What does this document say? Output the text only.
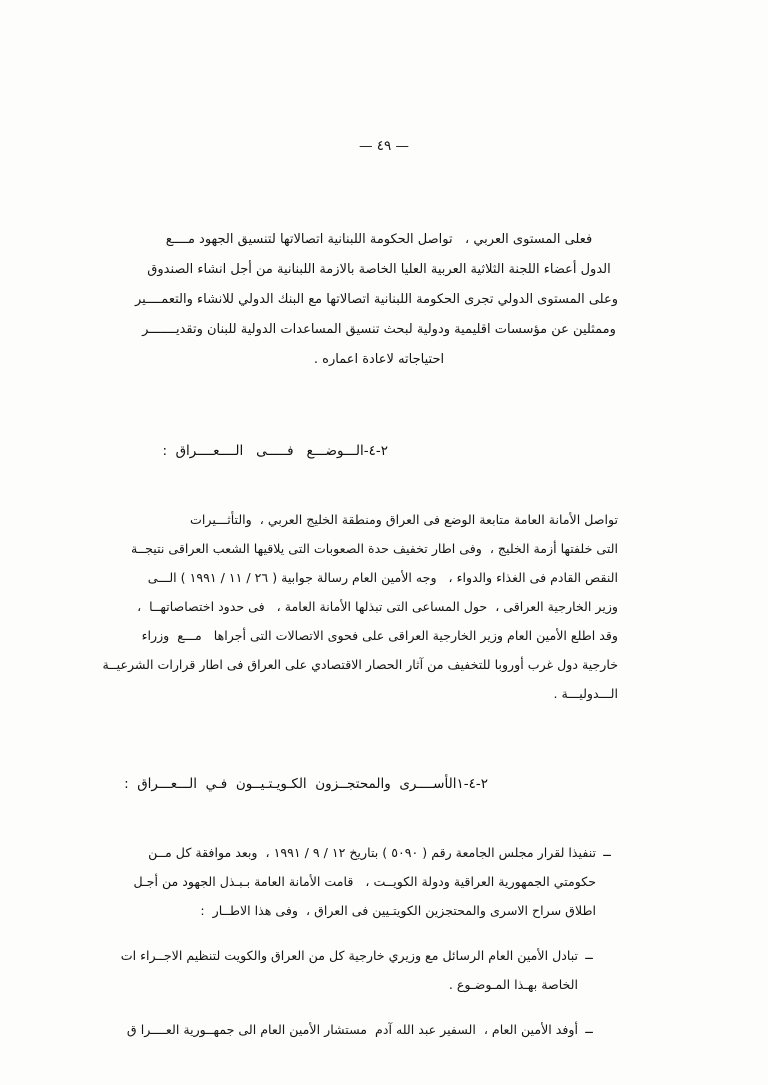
— ٤٩ —
فعلى المستوى العربي ،   تواصل الحكومة اللبنانية اتصالاتها لتنسيق الجهود مــــع
الدول أعضاء اللجنة الثلاثية العربية العليا الخاصة بالازمة اللبنانية من أجل انشاء الصندوق
وعلى المستوى الدولي تجرى الحكومة اللبنانية اتصالاتها مع البنك الدولي للانشاء والتعمــــير
وممثلين عن مؤسسات اقليمية ودولية لبحث تنسيق المساعدات الدولية للبنان وتقديـــــــر
احتياجاته لاعادة اعماره .
٢-٤-الـــوضـــع   فـــــى   الــــعــــراق  :
تواصل الأمانة العامة متابعة الوضع فى العراق ومنطقة الخليج العربي ،  والتأثـــيرات
التى خلفتها أزمة الخليج ،  وفى اطار تخفيف حدة الصعوبات التى يلاقيها الشعب العراقى نتيجــة
النقص القادم فى الغذاء والدواء ،   وجه الأمين العام رسالة جوابية ( ٢٦ / ١١ / ١٩٩١ ) الـــى
وزير الخارجية العراقى ،  حول المساعى التى تبذلها الأمانة العامة ،   فى حدود اختصاصاتهــا  ،
وقد اطلع الأمين العام وزير الخارجية العراقى على فحوى الاتصالات التى أجراها   مـــع  وزراء
خارجية دول غرب أوروبا للتخفيف من آثار الحصار الاقتصادي على العراق فى اطار قرارات الشرعيــة
الـــدوليـــة .
٢-٤-١الأســــرى  والمحتجــزون  الكـويـتـيــون  فـي  الـــعـــراق  :
ــ
تنفيذا لقرار مجلس الجامعة رقم ( ٥٠٩٠ ) بتاريخ ١٢ / ٩ / ١٩٩١ ،  وبعد موافقة كل مــن
حكومتي الجمهورية العراقية ودولة الكويــت ،   قامت الأمانة العامة بـبـذل الجهود من أجـل
اطلاق سراح الاسرى والمحتجزين الكويتـيين فى العراق ،  وفى هذا الاطــار  :
ــ
تبادل الأمين العام الرسائل مع وزيري خارجية كل من العراق والكويت لتنظيم الاجــراء ات
الخاصة بهـذا المـوضـوع .
ــ
أوفد الأمين العام ،  السفير عبد الله آدم  مستشار الأمين العام الى جمهــورية العــــرا ق
